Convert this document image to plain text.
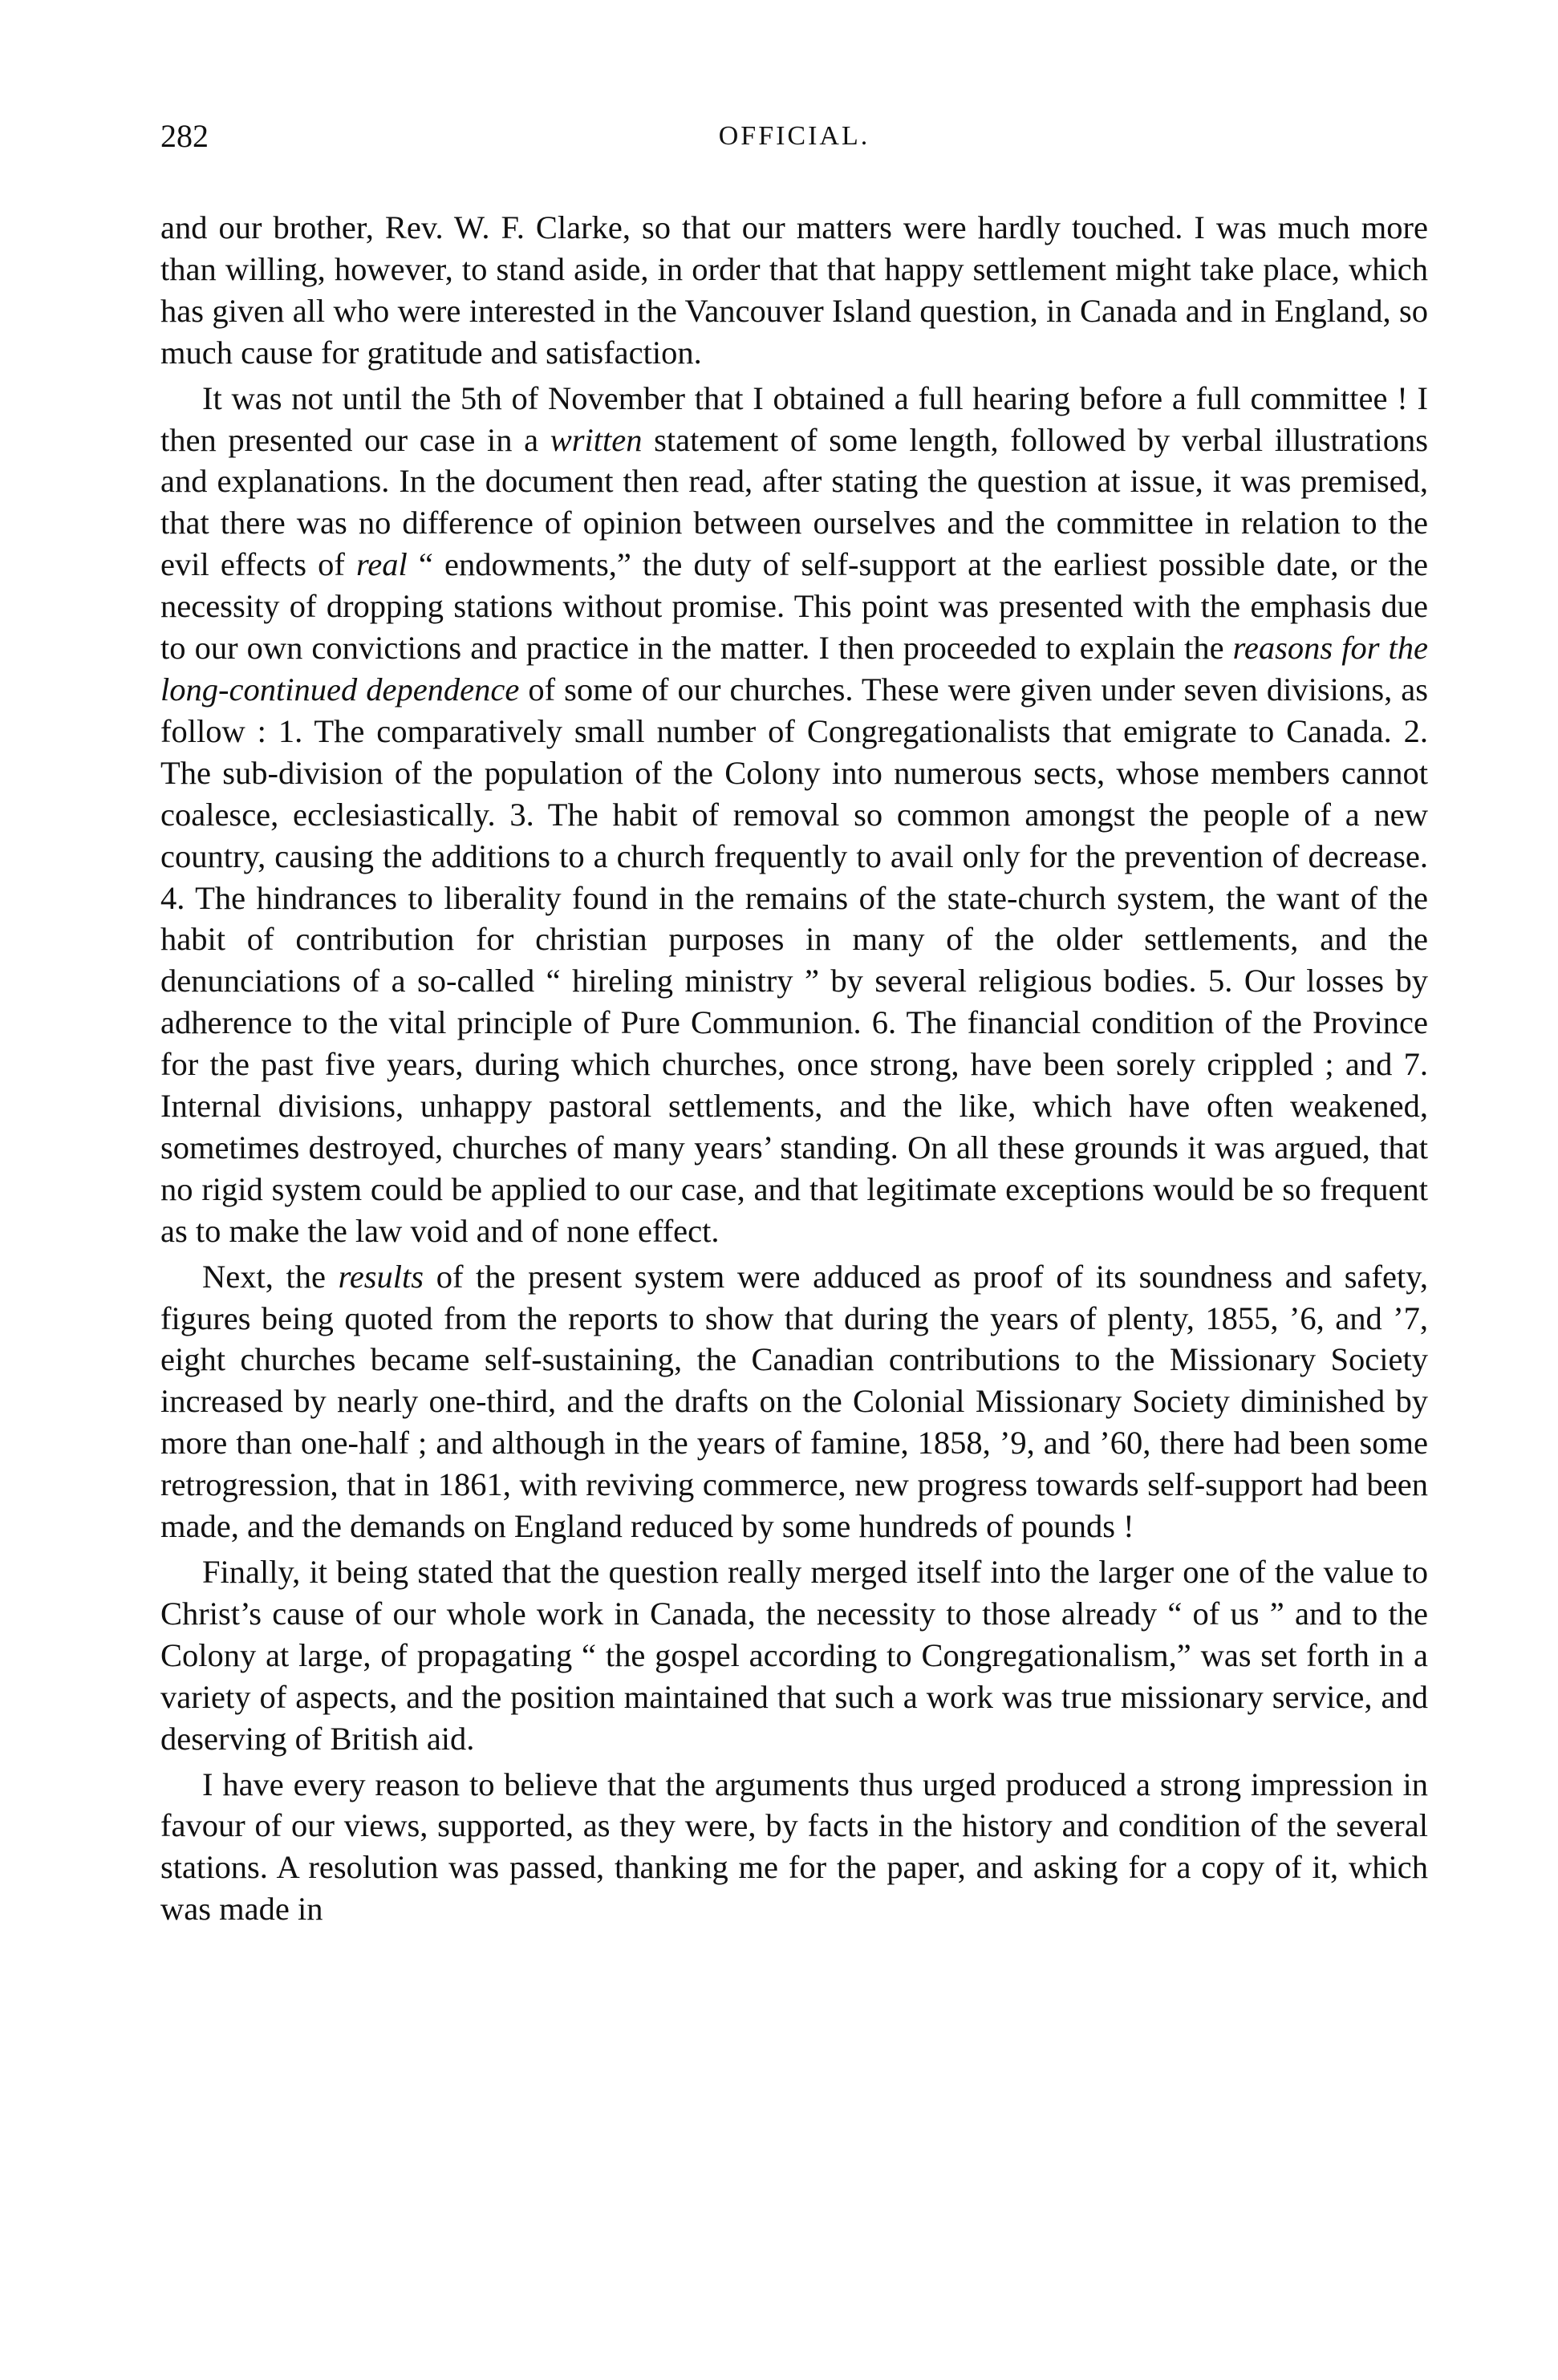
282	OFFICIAL.

and our brother, Rev. W. F. Clarke, so that our matters were hardly touched. I was much more than willing, however, to stand aside, in order that that happy settlement might take place, which has given all who were interested in the Vancouver Island question, in Canada and in England, so much cause for gratitude and satisfaction.

It was not until the 5th of November that I obtained a full hearing before a full committee ! I then presented our case in a written statement of some length, followed by verbal illustrations and explanations. In the document then read, after stating the question at issue, it was premised, that there was no difference of opinion between ourselves and the committee in relation to the evil effects of real “ endowments,” the duty of self-support at the earliest possible date, or the necessity of dropping stations without promise. This point was presented with the emphasis due to our own convictions and practice in the matter. I then proceeded to explain the reasons for the long-continued dependence of some of our churches. These were given under seven divisions, as follow : 1. The comparatively small number of Congregationalists that emigrate to Canada. 2. The sub-division of the population of the Colony into numerous sects, whose members cannot coalesce, ecclesiastically. 3. The habit of removal so common amongst the people of a new country, causing the additions to a church frequently to avail only for the prevention of decrease. 4. The hindrances to liberality found in the remains of the state-church system, the want of the habit of contribution for christian purposes in many of the older settlements, and the denunciations of a so-called “ hireling ministry ” by several religious bodies. 5. Our losses by adherence to the vital principle of Pure Communion. 6. The financial condition of the Province for the past five years, during which churches, once strong, have been sorely crippled ; and 7. Internal divisions, unhappy pastoral settlements, and the like, which have often weakened, sometimes destroyed, churches of many years’ standing. On all these grounds it was argued, that no rigid system could be applied to our case, and that legitimate exceptions would be so frequent as to make the law void and of none effect.

Next, the results of the present system were adduced as proof of its soundness and safety, figures being quoted from the reports to show that during the years of plenty, 1855, ’6, and ’7, eight churches became self-sustaining, the Canadian contributions to the Missionary Society increased by nearly one-third, and the drafts on the Colonial Missionary Society diminished by more than one-half ; and although in the years of famine, 1858, ’9, and ’60, there had been some retrogression, that in 1861, with reviving commerce, new progress towards self-support had been made, and the demands on England reduced by some hundreds of pounds !

Finally, it being stated that the question really merged itself into the larger one of the value to Christ’s cause of our whole work in Canada, the necessity to those already “ of us ” and to the Colony at large, of propagating “ the gospel according to Congregationalism,” was set forth in a variety of aspects, and the position maintained that such a work was true missionary service, and deserving of British aid.

I have every reason to believe that the arguments thus urged produced a strong impression in favour of our views, supported, as they were, by facts in the history and condition of the several stations. A resolution was passed, thanking me for the paper, and asking for a copy of it, which was made in
